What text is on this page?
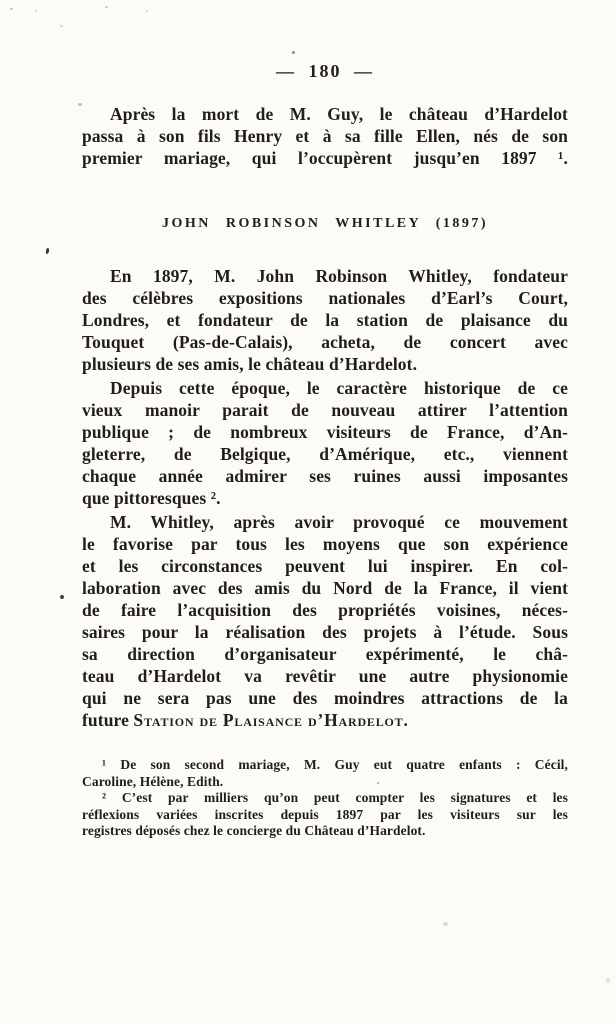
— 180 —
Après la mort de M. Guy, le château d’Hardelot
passa à son fils Henry et à sa fille Ellen, nés de son
premier mariage, qui l’occupèrent jusqu’en 1897 ¹.
JOHN ROBINSON WHITLEY (1897)
En 1897, M. John Robinson Whitley, fondateur
des célèbres expositions nationales d’Earl’s Court,
Londres, et fondateur de la station de plaisance du
Touquet (Pas-de-Calais), acheta, de concert avec
plusieurs de ses amis, le château d’Hardelot.
Depuis cette époque, le caractère historique de ce
vieux manoir parait de nouveau attirer l’attention
publique ; de nombreux visiteurs de France, d’An-
gleterre, de Belgique, d’Amérique, etc., viennent
chaque année admirer ses ruines aussi imposantes
que pittoresques ².
M. Whitley, après avoir provoqué ce mouvement
le favorise par tous les moyens que son expérience
et les circonstances peuvent lui inspirer. En col-
laboration avec des amis du Nord de la France, il vient
de faire l’acquisition des propriétés voisines, néces-
saires pour la réalisation des projets à l’étude. Sous
sa direction d’organisateur expérimenté, le châ-
teau d’Hardelot va revêtir une autre physionomie
qui ne sera pas une des moindres attractions de la
future Station de Plaisance d’Hardelot.
¹ De son second mariage, M. Guy eut quatre enfants : Cécil,
Caroline, Hélène, Edith.
² C’est par milliers qu’on peut compter les signatures et les
réflexions variées inscrites depuis 1897 par les visiteurs sur les
registres déposés chez le concierge du Château d’Hardelot.
